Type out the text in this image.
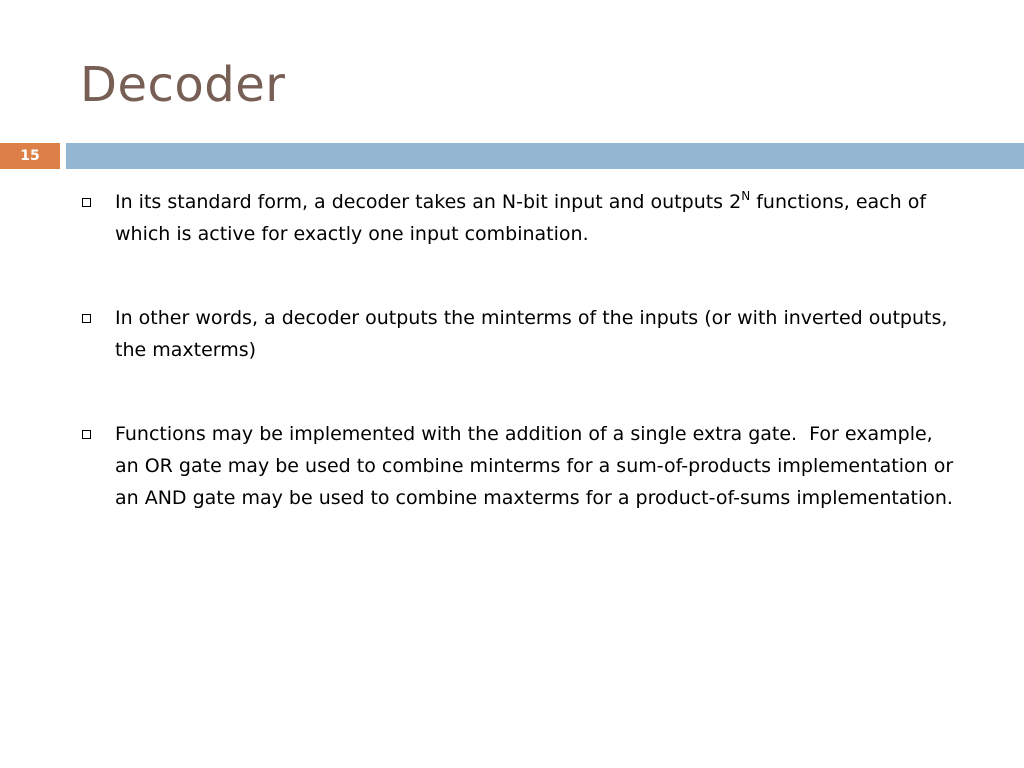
Decoder
15

In its standard form, a decoder takes an N-bit input and outputs $2^N$ functions, each of which is active for exactly one input combination.

In other words, a decoder outputs the minterms of the inputs (or with inverted outputs, the maxterms)

Functions may be implemented with the addition of a single extra gate.  For example, an OR gate may be used to combine minterms for a sum-of-products implementation or an AND gate may be used to combine maxterms for a product-of-sums implementation.
